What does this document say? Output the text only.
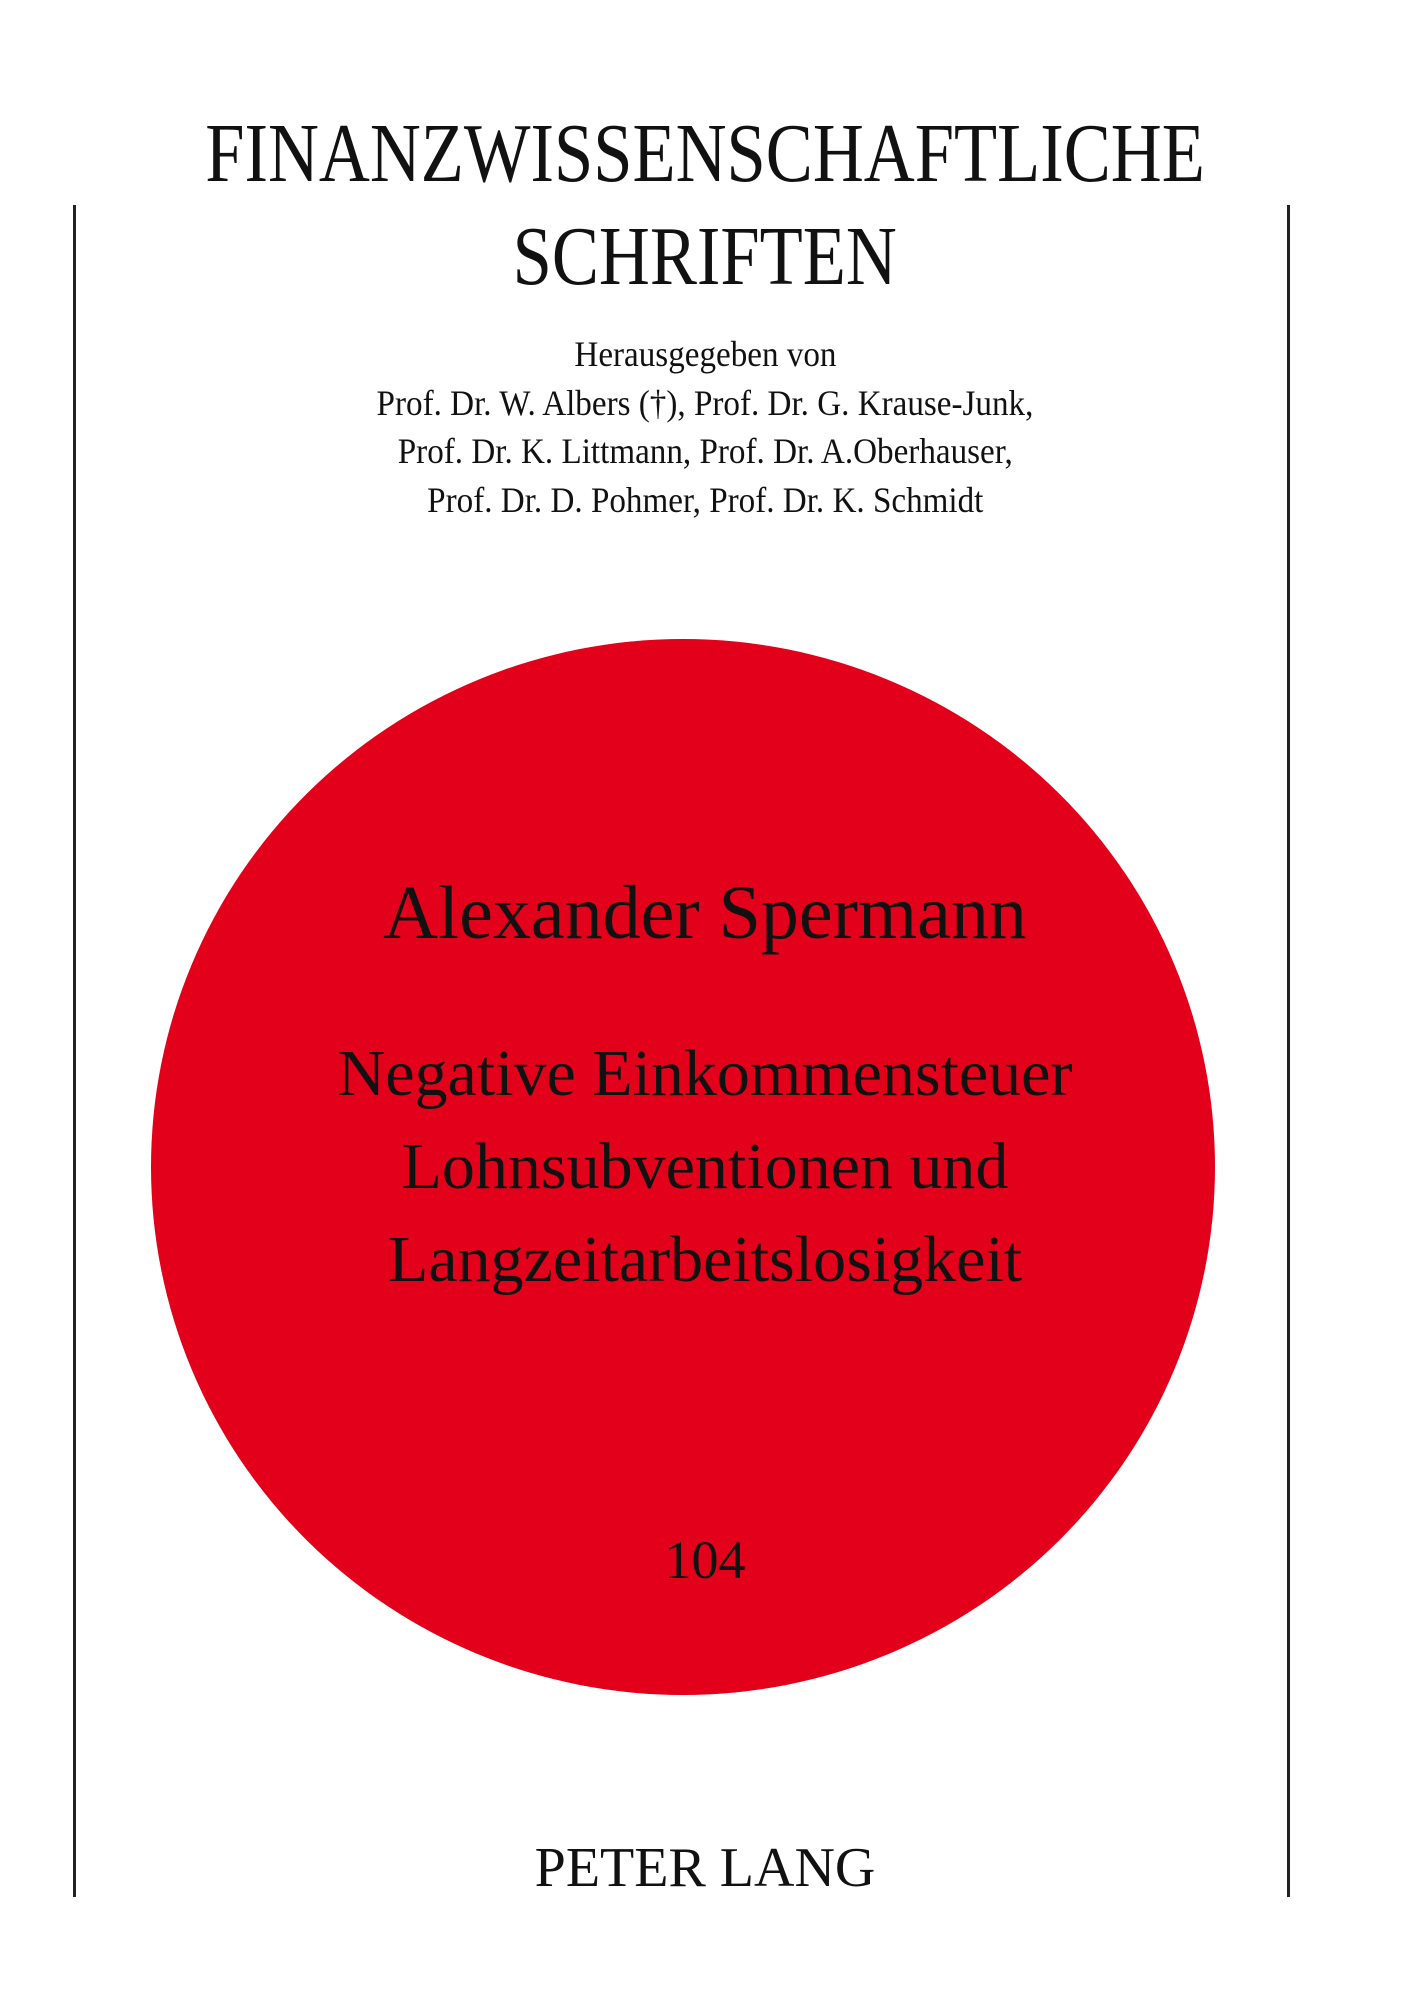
FINANZWISSENSCHAFTLICHE
SCHRIFTEN
Herausgegeben von
Prof. Dr. W. Albers (†), Prof. Dr. G. Krause-Junk,
Prof. Dr. K. Littmann, Prof. Dr. A.Oberhauser,
Prof. Dr. D. Pohmer, Prof. Dr. K. Schmidt
Alexander Spermann
Negative Einkommensteuer
Lohnsubventionen und
Langzeitarbeitslosigkeit
104
PETER LANG
